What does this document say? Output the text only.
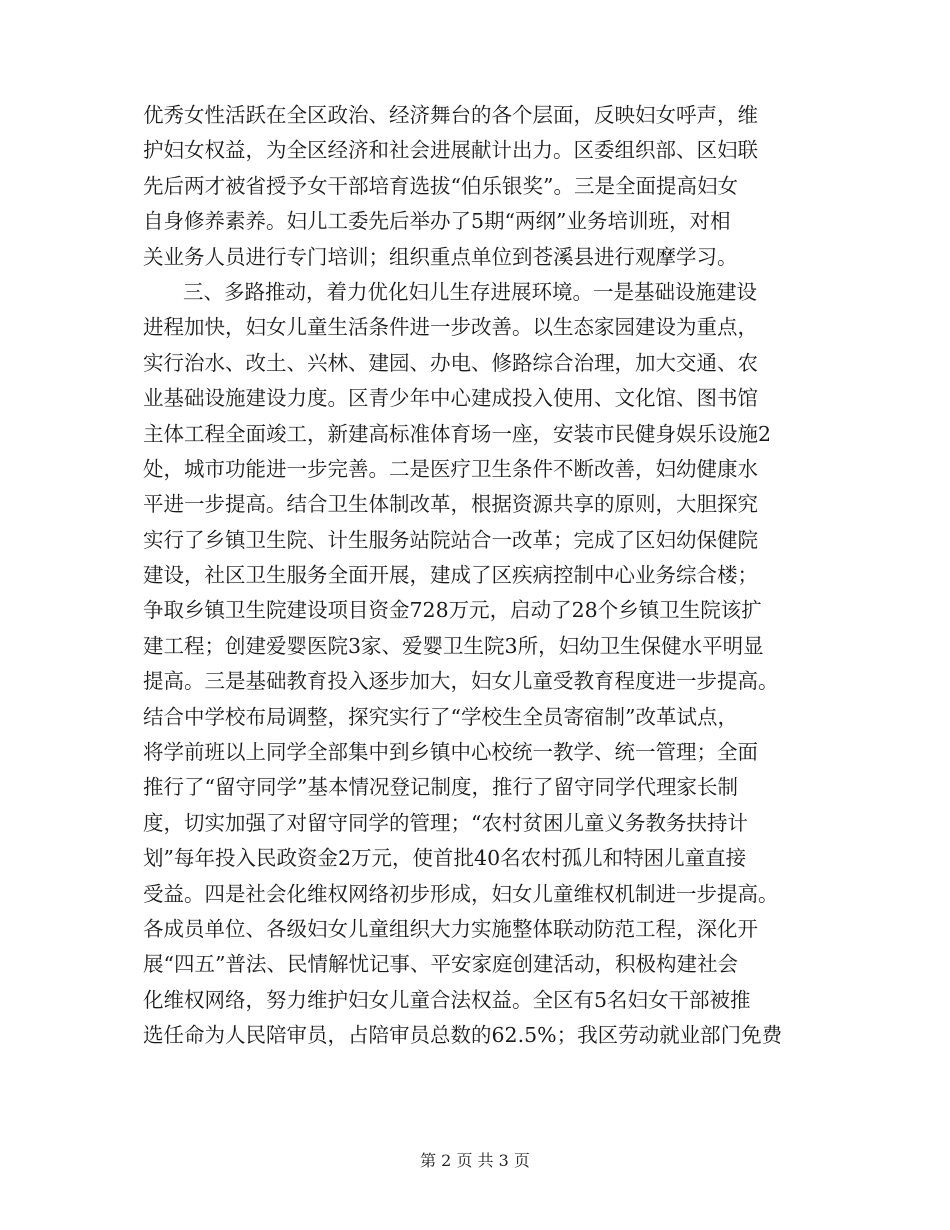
优秀女性活跃在全区政治、经济舞台的各个层面，反映妇女呼声，维
护妇女权益，为全区经济和社会进展献计出力。区委组织部、区妇联
先后两才被省授予女干部培育选拔“伯乐银奖”。三是全面提高妇女
自身修养素养。妇儿工委先后举办了5期“两纲”业务培训班，对相
关业务人员进行专门培训；组织重点单位到苍溪县进行观摩学习。
三、多路推动，着力优化妇儿生存进展环境。一是基础设施建设
进程加快，妇女儿童生活条件进一步改善。以生态家园建设为重点，
实行治水、改土、兴林、建园、办电、修路综合治理，加大交通、农
业基础设施建设力度。区青少年中心建成投入使用、文化馆、图书馆
主体工程全面竣工，新建高标准体育场一座，安装市民健身娱乐设施2
处，城市功能进一步完善。二是医疗卫生条件不断改善，妇幼健康水
平进一步提高。结合卫生体制改革，根据资源共享的原则，大胆探究
实行了乡镇卫生院、计生服务站院站合一改革；完成了区妇幼保健院
建设，社区卫生服务全面开展，建成了区疾病控制中心业务综合楼；
争取乡镇卫生院建设项目资金728万元，启动了28个乡镇卫生院该扩
建工程；创建爱婴医院3家、爱婴卫生院3所，妇幼卫生保健水平明显
提高。三是基础教育投入逐步加大，妇女儿童受教育程度进一步提高。
结合中学校布局调整，探究实行了“学校生全员寄宿制”改革试点，
将学前班以上同学全部集中到乡镇中心校统一教学、统一管理；全面
推行了“留守同学”基本情况登记制度，推行了留守同学代理家长制
度，切实加强了对留守同学的管理；“农村贫困儿童义务教务扶持计
划”每年投入民政资金2万元，使首批40名农村孤儿和特困儿童直接
受益。四是社会化维权网络初步形成，妇女儿童维权机制进一步提高。
各成员单位、各级妇女儿童组织大力实施整体联动防范工程，深化开
展“四五”普法、民情解忧记事、平安家庭创建活动，积极构建社会
化维权网络，努力维护妇女儿童合法权益。全区有5名妇女干部被推
选任命为人民陪审员，占陪审员总数的62.5%；我区劳动就业部门免费
第 2 页 共 3 页
